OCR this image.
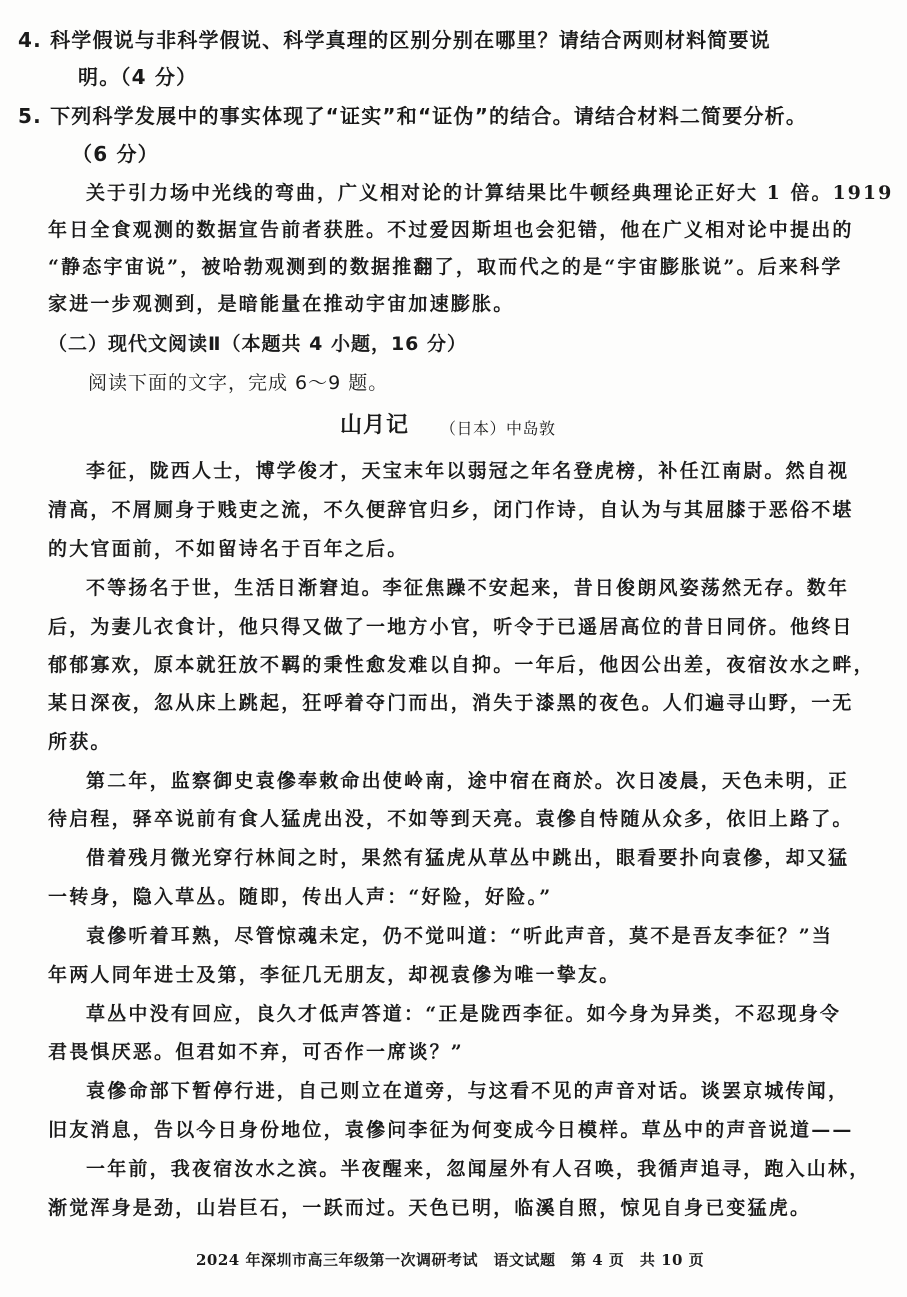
4. 科学假说与非科学假说、科学真理的区别分别在哪里？请结合两则材料简要说
明。（4 分）
5. 下列科学发展中的事实体现了“证实”和“证伪”的结合。请结合材料二简要分析。
（6 分）
关于引力场中光线的弯曲，广义相对论的计算结果比牛顿经典理论正好大 1 倍。1919
年日全食观测的数据宣告前者获胜。不过爱因斯坦也会犯错，他在广义相对论中提出的
“静态宇宙说”，被哈勃观测到的数据推翻了，取而代之的是“宇宙膨胀说”。后来科学
家进一步观测到，是暗能量在推动宇宙加速膨胀。
（二）现代文阅读Ⅱ（本题共 4 小题，16 分）
阅读下面的文字，完成 6～9 题。
山月记 （日本）中岛敦
李征，陇西人士，博学俊才，天宝末年以弱冠之年名登虎榜，补任江南尉。然自视
清高，不屑厕身于贱吏之流，不久便辞官归乡，闭门作诗，自认为与其屈膝于恶俗不堪
的大官面前，不如留诗名于百年之后。
不等扬名于世，生活日渐窘迫。李征焦躁不安起来，昔日俊朗风姿荡然无存。数年
后，为妻儿衣食计，他只得又做了一地方小官，听令于已遥居高位的昔日同侪。他终日
郁郁寡欢，原本就狂放不羁的秉性愈发难以自抑。一年后，他因公出差，夜宿汝水之畔，
某日深夜，忽从床上跳起，狂呼着夺门而出，消失于漆黑的夜色。人们遍寻山野，一无
所获。
第二年，监察御史袁傪奉敕命出使岭南，途中宿在商於。次日凌晨，天色未明，正
待启程，驿卒说前有食人猛虎出没，不如等到天亮。袁傪自恃随从众多，依旧上路了。
借着残月微光穿行林间之时，果然有猛虎从草丛中跳出，眼看要扑向袁傪，却又猛
一转身，隐入草丛。随即，传出人声：“好险，好险。”
袁傪听着耳熟，尽管惊魂未定，仍不觉叫道：“听此声音，莫不是吾友李征？”当
年两人同年进士及第，李征几无朋友，却视袁傪为唯一挚友。
草丛中没有回应，良久才低声答道：“正是陇西李征。如今身为异类，不忍现身令
君畏惧厌恶。但君如不弃，可否作一席谈？”
袁傪命部下暂停行进，自己则立在道旁，与这看不见的声音对话。谈罢京城传闻，
旧友消息，告以今日身份地位，袁傪问李征为何变成今日模样。草丛中的声音说道——
一年前，我夜宿汝水之滨。半夜醒来，忽闻屋外有人召唤，我循声追寻，跑入山林，
渐觉浑身是劲，山岩巨石，一跃而过。天色已明，临溪自照，惊见自身已变猛虎。
2024 年深圳市高三年级第一次调研考试　语文试题　第 4 页　共 10 页
